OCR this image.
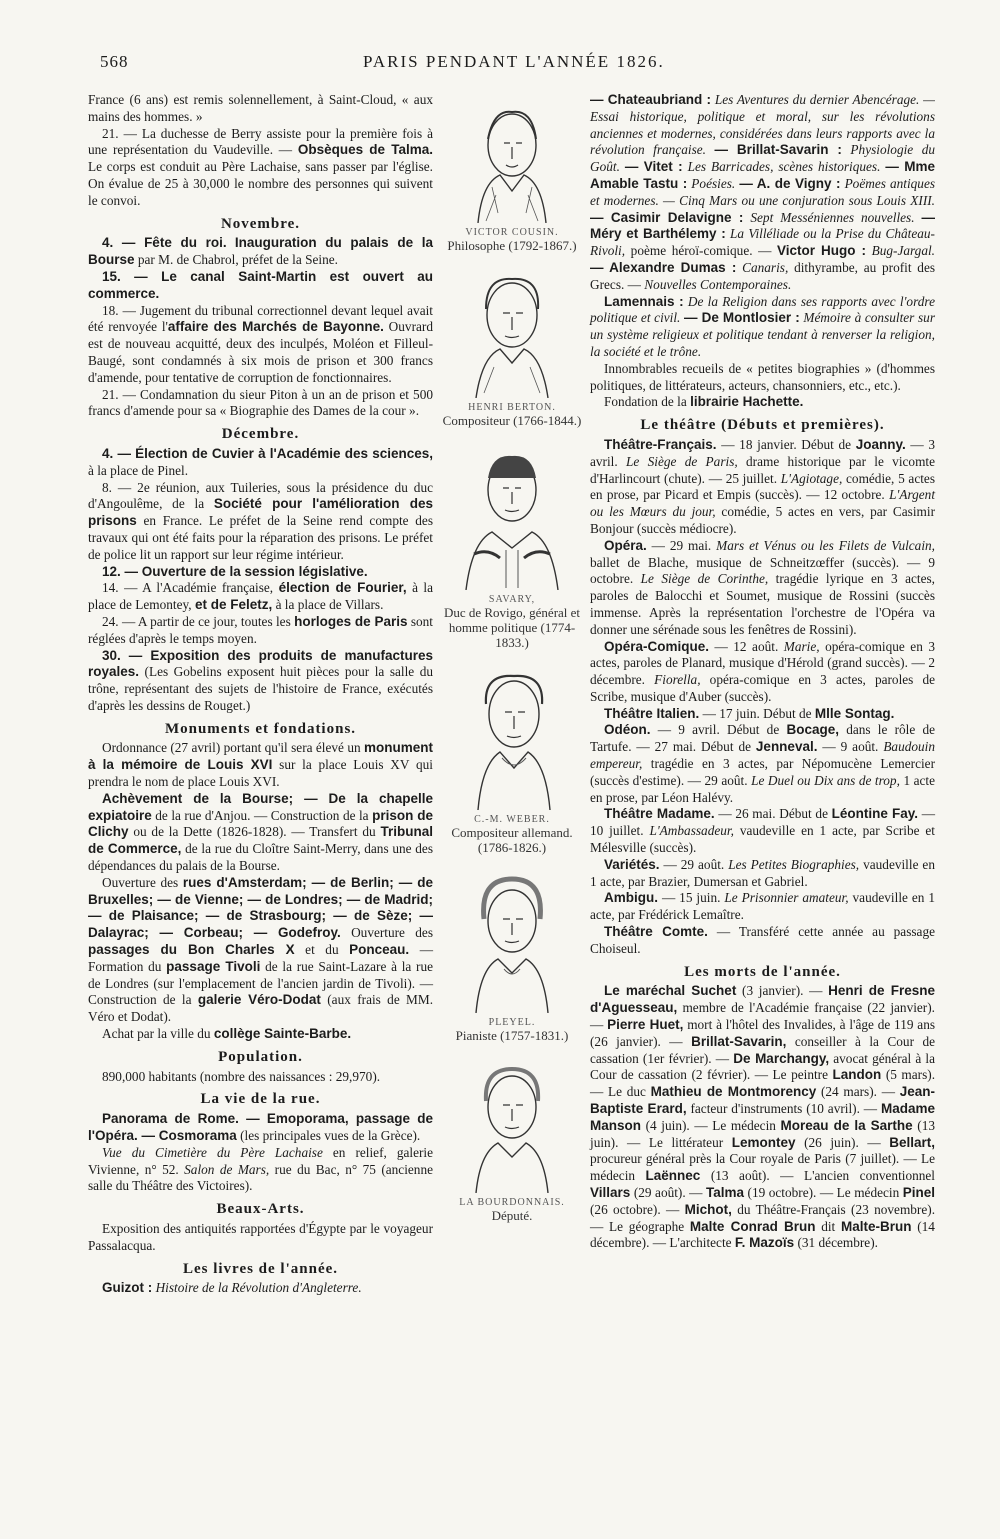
568	PARIS PENDANT L'ANNÉE 1826.

France (6 ans) est remis solennellement, à Saint-Cloud, « aux mains des hommes. »

21. — La duchesse de Berry assiste pour la première fois à une représentation du Vaudeville. — Obsèques de Talma. Le corps est conduit au Père Lachaise, sans passer par l'église. On évalue de 25 à 30,000 le nombre des personnes qui suivent le convoi.

Novembre.

4. — Fête du roi. Inauguration du palais de la Bourse par M. de Chabrol, préfet de la Seine.

15. — Le canal Saint-Martin est ouvert au commerce.

18. — Jugement du tribunal correctionnel devant lequel avait été renvoyée l'affaire des Marchés de Bayonne. Ouvrard est de nouveau acquitté, deux des inculpés, Moléon et Filleul-Baugé, sont condamnés à six mois de prison et 300 francs d'amende, pour tentative de corruption de fonctionnaires.

21. — Condamnation du sieur Piton à un an de prison et 500 francs d'amende pour sa « Biographie des Dames de la cour ».

Décembre.

4. — Élection de Cuvier à l'Académie des sciences, à la place de Pinel.

8. — 2e réunion, aux Tuileries, sous la présidence du duc d'Angoulême, de la Société pour l'amélioration des prisons en France. Le préfet de la Seine rend compte des travaux qui ont été faits pour la réparation des prisons. Le préfet de police lit un rapport sur leur régime intérieur.

12. — Ouverture de la session législative.

14. — A l'Académie française, élection de Fourier, à la place de Lemontey, et de Feletz, à la place de Villars.

24. — A partir de ce jour, toutes les horloges de Paris sont réglées d'après le temps moyen.

30. — Exposition des produits de manufactures royales. (Les Gobelins exposent huit pièces pour la salle du trône, représentant des sujets de l'histoire de France, exécutés d'après les dessins de Rouget.)

Monuments et fondations.

Ordonnance (27 avril) portant qu'il sera élevé un monument à la mémoire de Louis XVI sur la place Louis XV qui prendra le nom de place Louis XVI.

Achèvement de la Bourse; — De la chapelle expiatoire de la rue d'Anjou. — Construction de la prison de Clichy ou de la Dette (1826-1828). — Transfert du Tribunal de Commerce, de la rue du Cloître Saint-Merry, dans une des dépendances du palais de la Bourse.

Ouverture des rues d'Amsterdam; — de Berlin; — de Bruxelles; — de Vienne; — de Londres; — de Madrid; — de Plaisance; — de Strasbourg; — de Sèze; — Dalayrac; — Corbeau; — Godefroy. Ouverture des passages du Bon Charles X et du Ponceau. — Formation du passage Tivoli de la rue Saint-Lazare à la rue de Londres (sur l'emplacement de l'ancien jardin de Tivoli). — Construction de la galerie Véro-Dodat (aux frais de MM. Véro et Dodat).

Achat par la ville du collège Sainte-Barbe.

Population.

890,000 habitants (nombre des naissances : 29,970).

La vie de la rue.

Panorama de Rome. — Emoporama, passage de l'Opéra. — Cosmorama (les principales vues de la Grèce).

Vue du Cimetière du Père Lachaise en relief, galerie Vivienne, n° 52. Salon de Mars, rue du Bac, n° 75 (ancienne salle du Théâtre des Victoires).

Beaux-Arts.

Exposition des antiquités rapportées d'Égypte par le voyageur Passalacqua.

Les livres de l'année.

Guizot : Histoire de la Révolution d'Angleterre.

VICTOR COUSIN.
Philosophe (1792-1867.)
HENRI BERTON.
Compositeur (1766-1844.)
SAVARY,
Duc de Rovigo, général et homme politique (1774-1833.)
C.-M. WEBER.
Compositeur allemand. (1786-1826.)
PLEYEL.
Pianiste (1757-1831.)
LA BOURDONNAIS.
Député.

— Chateaubriand : Les Aventures du dernier Abencérage. — Essai historique, politique et moral, sur les révolutions anciennes et modernes, considérées dans leurs rapports avec la révolution française. — Brillat-Savarin : Physiologie du Goût. — Vitet : Les Barricades, scènes historiques. — Mme Amable Tastu : Poésies. — A. de Vigny : Poëmes antiques et modernes. — Cinq Mars ou une conjuration sous Louis XIII. — Casimir Delavigne : Sept Messéniennes nouvelles. — Méry et Barthélemy : La Villéliade ou la Prise du Château-Rivoli, poème héroï-comique. — Victor Hugo : Bug-Jargal. — Alexandre Dumas : Canaris, dithyrambe, au profit des Grecs. — Nouvelles Contemporaines.

Lamennais : De la Religion dans ses rapports avec l'ordre politique et civil. — De Montlosier : Mémoire à consulter sur un système religieux et politique tendant à renverser la religion, la société et le trône.

Innombrables recueils de « petites biographies » (d'hommes politiques, de littérateurs, acteurs, chansonniers, etc., etc.).

Fondation de la librairie Hachette.

Le théâtre (Débuts et premières).

Théâtre-Français. — 18 janvier. Début de Joanny. — 3 avril. Le Siège de Paris, drame historique par le vicomte d'Harlincourt (chute). — 25 juillet. L'Agiotage, comédie, 5 actes en prose, par Picard et Empis (succès). — 12 octobre. L'Argent ou les Mœurs du jour, comédie, 5 actes en vers, par Casimir Bonjour (succès médiocre).

Opéra. — 29 mai. Mars et Vénus ou les Filets de Vulcain, ballet de Blache, musique de Schneitzœffer (succès). — 9 octobre. Le Siège de Corinthe, tragédie lyrique en 3 actes, paroles de Balocchi et Soumet, musique de Rossini (succès immense. Après la représentation l'orchestre de l'Opéra va donner une sérénade sous les fenêtres de Rossini).

Opéra-Comique. — 12 août. Marie, opéra-comique en 3 actes, paroles de Planard, musique d'Hérold (grand succès). — 2 décembre. Fiorella, opéra-comique en 3 actes, paroles de Scribe, musique d'Auber (succès).

Théâtre Italien. — 17 juin. Début de Mlle Sontag.

Odéon. — 9 avril. Début de Bocage, dans le rôle de Tartufe. — 27 mai. Début de Jenneval. — 9 août. Baudouin empereur, tragédie en 3 actes, par Népomucène Lemercier (succès d'estime). — 29 août. Le Duel ou Dix ans de trop, 1 acte en prose, par Léon Halévy.

Théâtre Madame. — 26 mai. Début de Léontine Fay. — 10 juillet. L'Ambassadeur, vaudeville en 1 acte, par Scribe et Mélesville (succès).

Variétés. — 29 août. Les Petites Biographies, vaudeville en 1 acte, par Brazier, Dumersan et Gabriel.

Ambigu. — 15 juin. Le Prisonnier amateur, vaudeville en 1 acte, par Frédérick Lemaître.

Théâtre Comte. — Transféré cette année au passage Choiseul.

Les morts de l'année.

Le maréchal Suchet (3 janvier). — Henri de Fresne d'Aguesseau, membre de l'Académie française (22 janvier). — Pierre Huet, mort à l'hôtel des Invalides, à l'âge de 119 ans (26 janvier). — Brillat-Savarin, conseiller à la Cour de cassation (1er février). — De Marchangy, avocat général à la Cour de cassation (2 février). — Le peintre Landon (5 mars). — Le duc Mathieu de Montmorency (24 mars). — Jean-Baptiste Erard, facteur d'instruments (10 avril). — Madame Manson (4 juin). — Le médecin Moreau de la Sarthe (13 juin). — Le littérateur Lemontey (26 juin). — Bellart, procureur général près la Cour royale de Paris (7 juillet). — Le médecin Laënnec (13 août). — L'ancien conventionnel Villars (29 août). — Talma (19 octobre). — Le médecin Pinel (26 octobre). — Michot, du Théâtre-Français (23 novembre). — Le géographe Malte Conrad Brun dit Malte-Brun (14 décembre). — L'architecte F. Mazoïs (31 décembre).
